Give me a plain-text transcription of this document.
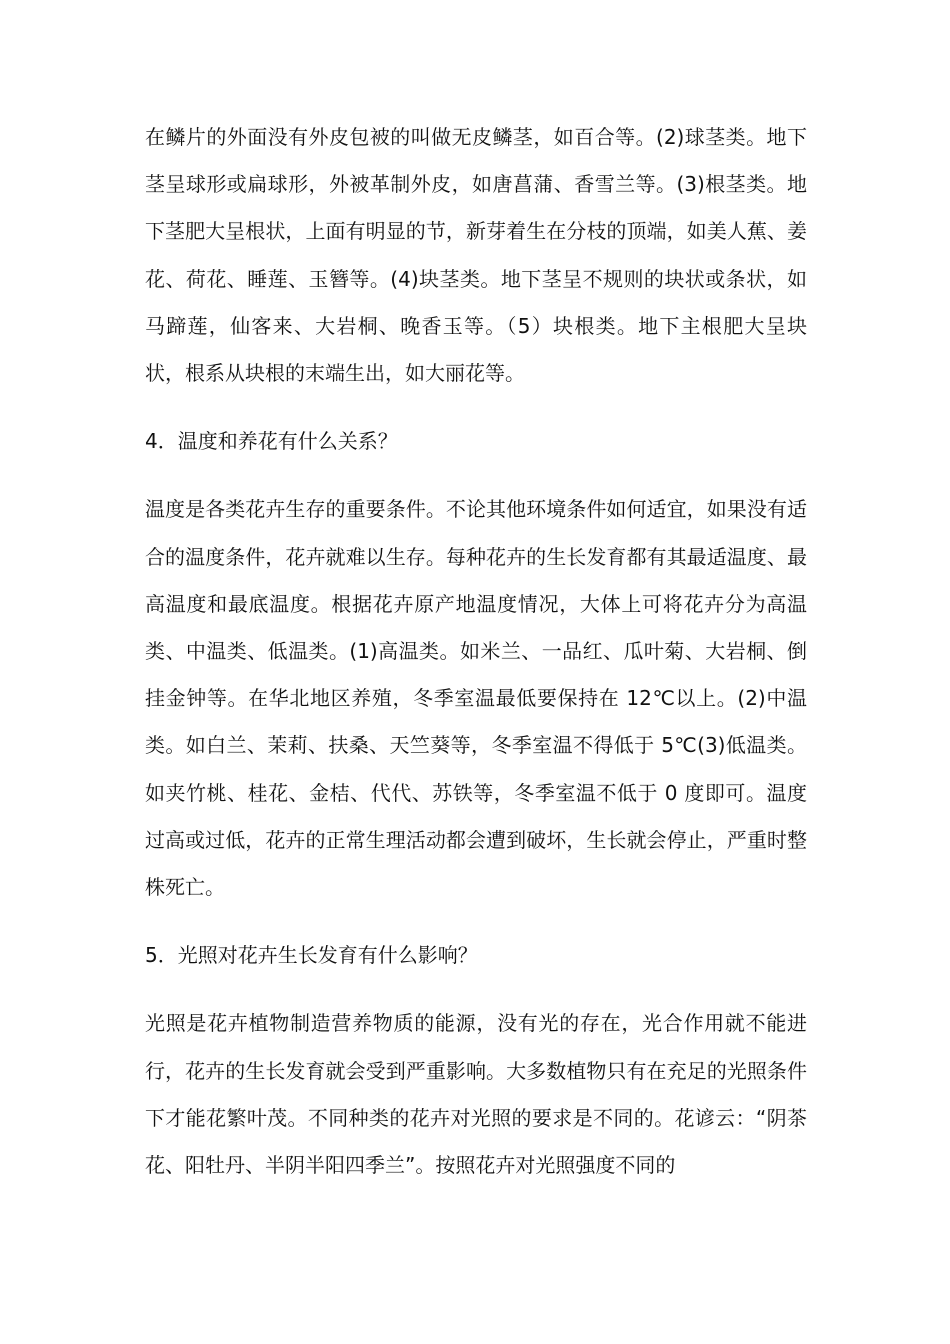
在鳞片的外面没有外皮包被的叫做无皮鳞茎，如百合等。(2)球茎类。地下茎呈球形或扁球形，外被革制外皮，如唐菖蒲、香雪兰等。(3)根茎类。地下茎肥大呈根状，上面有明显的节，新芽着生在分枝的顶端，如美人蕉、姜花、荷花、睡莲、玉簪等。(4)块茎类。地下茎呈不规则的块状或条状，如马蹄莲，仙客来、大岩桐、晚香玉等。（5）块根类。地下主根肥大呈块状，根系从块根的末端生出，如大丽花等。

4．温度和养花有什么关系？

温度是各类花卉生存的重要条件。不论其他环境条件如何适宜，如果没有适合的温度条件，花卉就难以生存。每种花卉的生长发育都有其最适温度、最高温度和最底温度。根据花卉原产地温度情况，大体上可将花卉分为高温类、中温类、低温类。(1)高温类。如米兰、一品红、瓜叶菊、大岩桐、倒挂金钟等。在华北地区养殖，冬季室温最低要保持在 12℃以上。(2)中温类。如白兰、茉莉、扶桑、天竺葵等，冬季室温不得低于 5℃(3)低温类。如夹竹桃、桂花、金桔、代代、苏铁等，冬季室温不低于 0 度即可。温度过高或过低，花卉的正常生理活动都会遭到破坏，生长就会停止，严重时整株死亡。

5．光照对花卉生长发育有什么影响？

光照是花卉植物制造营养物质的能源，没有光的存在，光合作用就不能进行，花卉的生长发育就会受到严重影响。大多数植物只有在充足的光照条件下才能花繁叶茂。不同种类的花卉对光照的要求是不同的。花谚云：“阴茶花、阳牡丹、半阴半阳四季兰”。按照花卉对光照强度不同的
